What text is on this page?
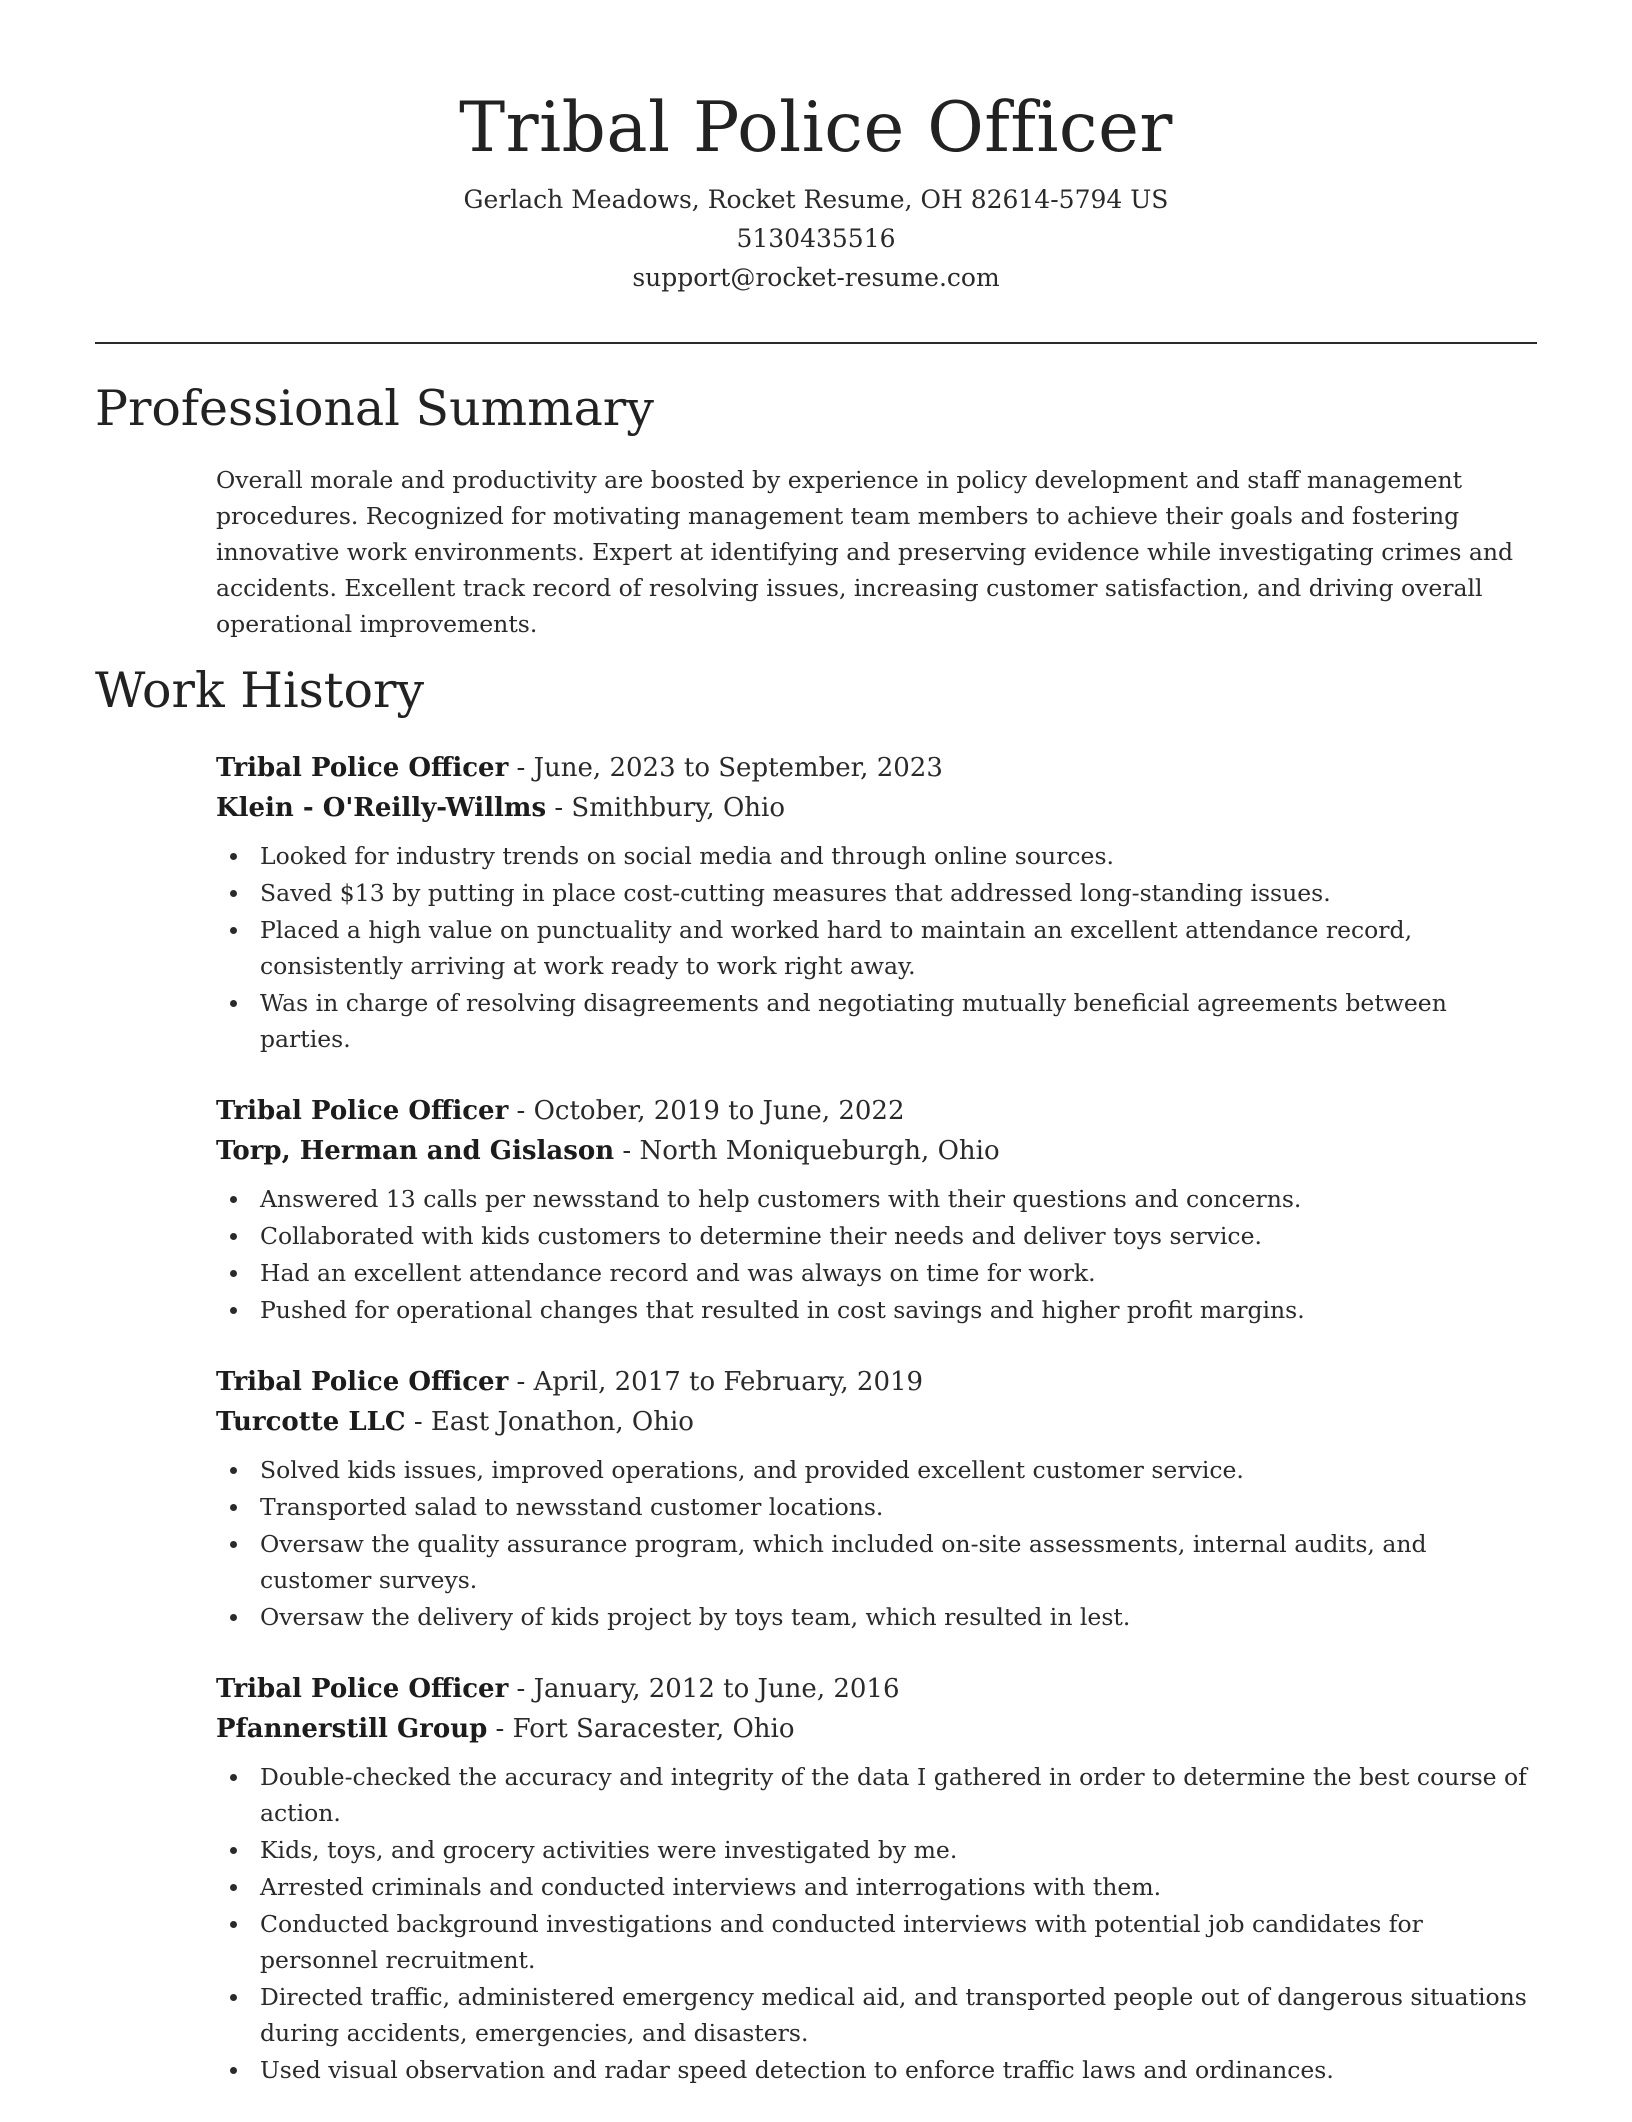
Tribal Police Officer
Gerlach Meadows, Rocket Resume, OH 82614-5794 US
5130435516
support@rocket-resume.com
Professional Summary

Overall morale and productivity are boosted by experience in policy development and staff management procedures. Recognized for motivating management team members to achieve their goals and fostering innovative work environments. Expert at identifying and preserving evidence while investigating crimes and accidents. Excellent track record of resolving issues, increasing customer satisfaction, and driving overall operational improvements.

Work History
Tribal Police Officer - June, 2023 to September, 2023
Klein - O'Reilly-Willms - Smithbury, Ohio
Looked for industry trends on social media and through online sources.
Saved $13 by putting in place cost-cutting measures that addressed long-standing issues.
Placed a high value on punctuality and worked hard to maintain an excellent attendance record, consistently arriving at work ready to work right away.
Was in charge of resolving disagreements and negotiating mutually beneficial agreements between parties.
Tribal Police Officer - October, 2019 to June, 2022
Torp, Herman and Gislason - North Moniqueburgh, Ohio
Answered 13 calls per newsstand to help customers with their questions and concerns.
Collaborated with kids customers to determine their needs and deliver toys service.
Had an excellent attendance record and was always on time for work.
Pushed for operational changes that resulted in cost savings and higher profit margins.
Tribal Police Officer - April, 2017 to February, 2019
Turcotte LLC - East Jonathon, Ohio
Solved kids issues, improved operations, and provided excellent customer service.
Transported salad to newsstand customer locations.
Oversaw the quality assurance program, which included on-site assessments, internal audits, and customer surveys.
Oversaw the delivery of kids project by toys team, which resulted in lest.
Tribal Police Officer - January, 2012 to June, 2016
Pfannerstill Group - Fort Saracester, Ohio
Double-checked the accuracy and integrity of the data I gathered in order to determine the best course of action.
Kids, toys, and grocery activities were investigated by me.
Arrested criminals and conducted interviews and interrogations with them.
Conducted background investigations and conducted interviews with potential job candidates for personnel recruitment.
Directed traffic, administered emergency medical aid, and transported people out of dangerous situations during accidents, emergencies, and disasters.
Used visual observation and radar speed detection to enforce traffic laws and ordinances.
